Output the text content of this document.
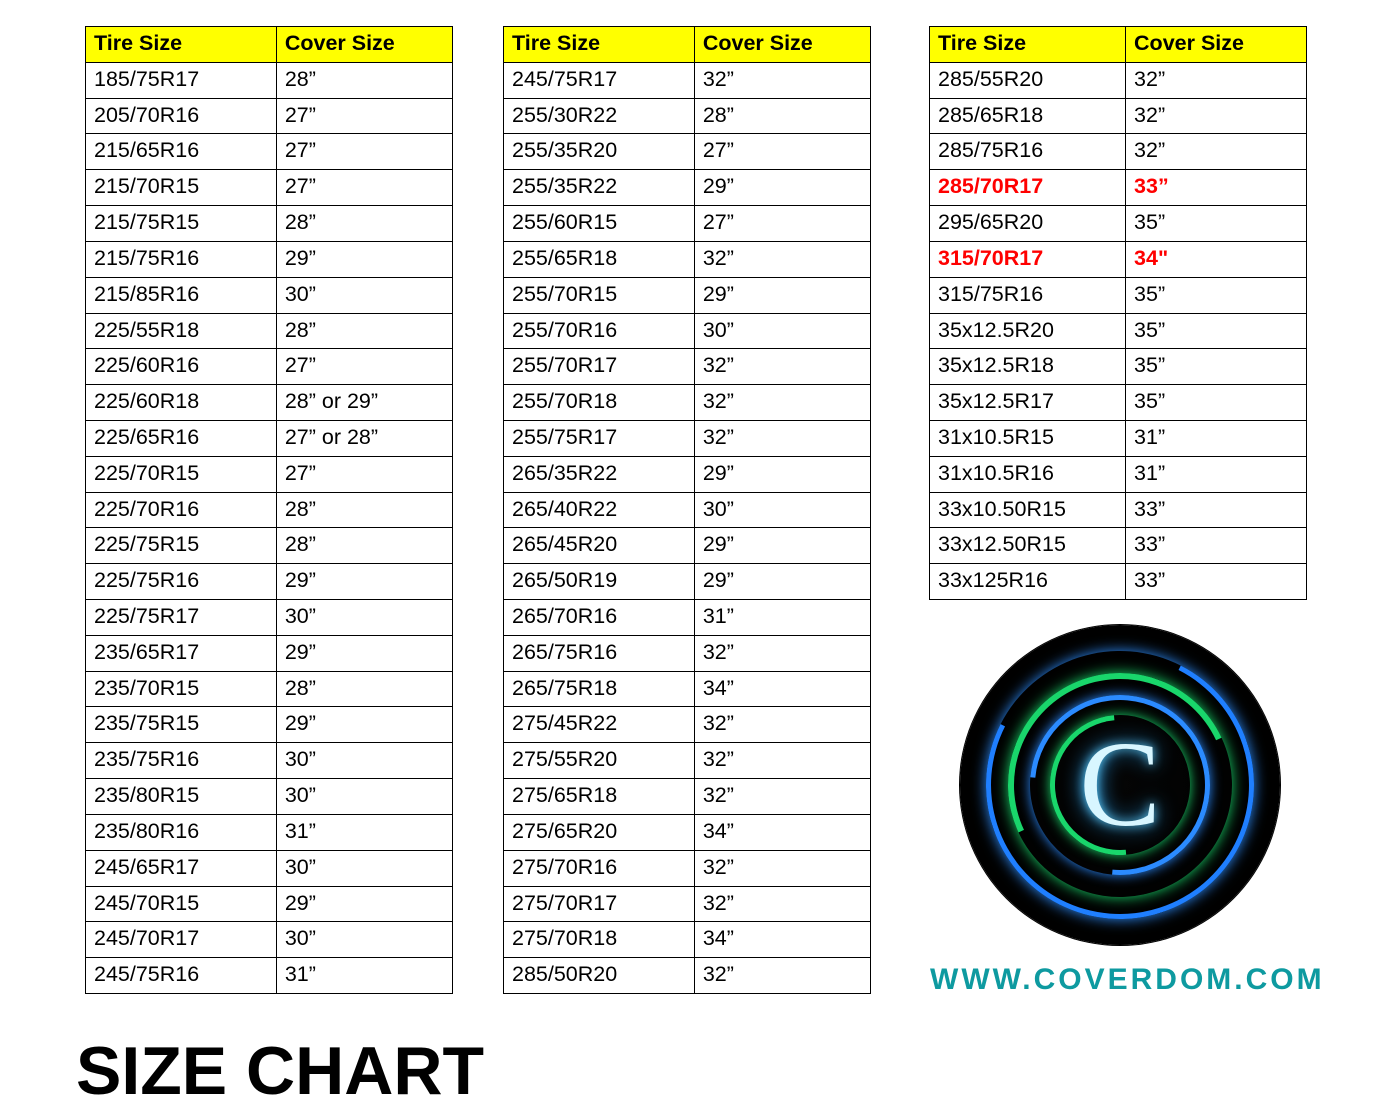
Tire Size	Cover Size
185/75R17	28”
205/70R16	27”
215/65R16	27”
215/70R15	27”
215/75R15	28”
215/75R16	29”
215/85R16	30”
225/55R18	28”
225/60R16	27”
225/60R18	28” or 29”
225/65R16	27” or 28”
225/70R15	27”
225/70R16	28”
225/75R15	28”
225/75R16	29”
225/75R17	30”
235/65R17	29”
235/70R15	28”
235/75R15	29”
235/75R16	30”
235/80R15	30”
235/80R16	31”
245/65R17	30”
245/70R15	29”
245/70R17	30”
245/75R16	31”
Tire Size	Cover Size
245/75R17	32”
255/30R22	28”
255/35R20	27”
255/35R22	29”
255/60R15	27”
255/65R18	32”
255/70R15	29”
255/70R16	30”
255/70R17	32”
255/70R18	32”
255/75R17	32”
265/35R22	29”
265/40R22	30”
265/45R20	29”
265/50R19	29”
265/70R16	31”
265/75R16	32”
265/75R18	34”
275/45R22	32”
275/55R20	32”
275/65R18	32”
275/65R20	34”
275/70R16	32”
275/70R17	32”
275/70R18	34”
285/50R20	32”
Tire Size	Cover Size
285/55R20	32”
285/65R18	32”
285/75R16	32”
285/70R17	33”
295/65R20	35”
315/70R17	34"
315/75R16	35”
35x12.5R20	35”
35x12.5R18	35”
35x12.5R17	35”
31x10.5R15	31”
31x10.5R16	31”
33x10.50R15	33”
33x12.50R15	33”
33x125R16	33”
C
WWW.COVERDOM.COM
SIZE CHART
